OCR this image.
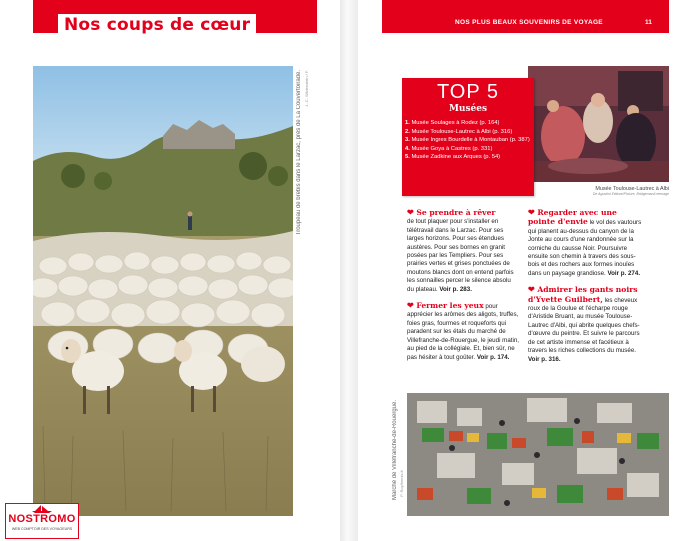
Nos coups de cœur
Troupeau de brebis dans le Larzac, près de La Couvertoirade. J.-C. Wildenstein / F.
NOS PLUS BEAUX SOUVENIRS DE VOYAGE	11
TOP 5
Musées
1. Musée Soulages à Rodez (p. 164)
2. Musée Toulouse-Lautrec à Albi (p. 316)
3. Musée Ingres Bourdelle à Montauban (p. 387)
4. Musée Goya à Castres (p. 331)
5. Musée Zadkine aux Arques (p. 54)
Musée Toulouse-Lautrec à Albi
De Agostini Editore/Picture, Bridgeman/Leemage
❤ Se prendre à rêver
de tout plaquer pour s'installer en télétravail dans le Larzac. Pour ses larges horizons. Pour ses étendues austères. Pour ses bornes en granit posées par les Templiers. Pour ses prairies vertes et grises ponctuées de moutons blancs dont on entend parfois les sonnailles percer le silence absolu du plateau. Voir p. 283.
❤ Fermer les yeux pour apprécier les arômes des aligots, truffes, foies gras, fourmes et roqueforts qui paradent sur les étals du marché de Villefranche-de-Rouergue, le jeudi matin, au pied de la collégiale. Et, bien sûr, ne pas hésiter à tout goûter. Voir p. 174.
❤ Regarder avec une pointe d'envie le vol des vautours qui planent au-dessus du canyon de la Jonte au cours d'une randonnée sur la corniche du causse Noir. Poursuivre ensuite son chemin à travers des sous-bois et des rochers aux formes inouïes dans un paysage grandiose. Voir p. 274.
❤ Admirer les gants noirs d'Yvette Guilbert, les cheveux roux de la Goulue et l'écharpe rouge d'Aristide Bruant, au musée Toulouse-Lautrec d'Albi, qui abrite quelques chefs-d'œuvre du peintre. Et suivre le parcours de cet artiste immense et facétieux à travers les riches collections du musée. Voir p. 316.
Marché de Villefranche-de-Rouergue. P. Roy/hemis.fr
NOSTROMO
WEB COMPTOIR DES VOYAGEURS
